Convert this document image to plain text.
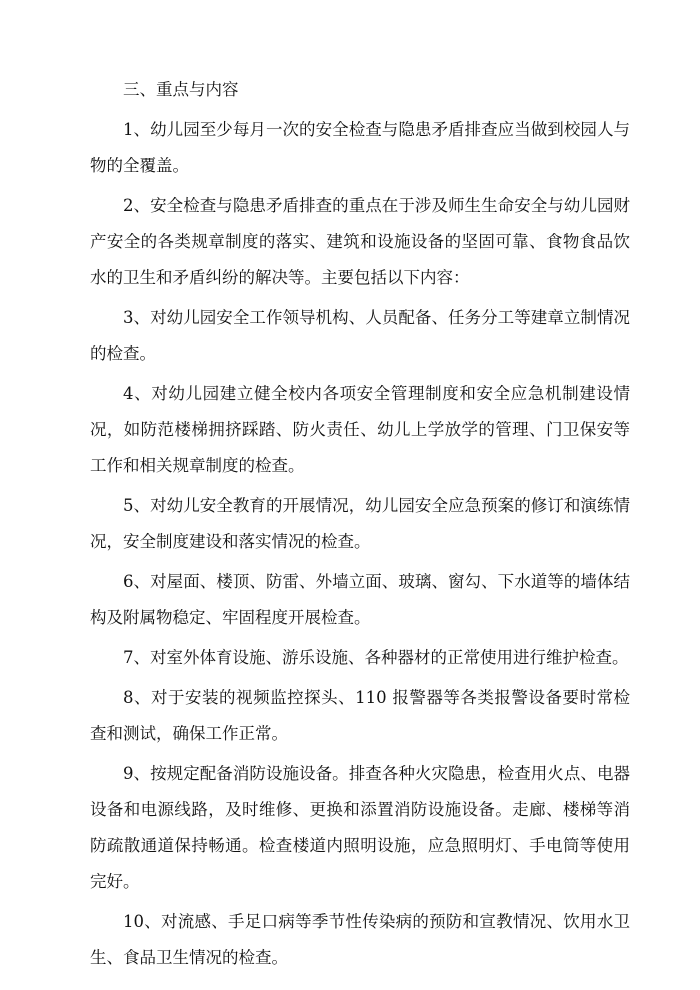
三、重点与内容

1、幼儿园至少每月一次的安全检查与隐患矛盾排查应当做到校园人与物的全覆盖。

2、安全检查与隐患矛盾排查的重点在于涉及师生生命安全与幼儿园财产安全的各类规章制度的落实、建筑和设施设备的坚固可靠、食物食品饮水的卫生和矛盾纠纷的解决等。主要包括以下内容：

3、对幼儿园安全工作领导机构、人员配备、任务分工等建章立制情况的检查。

4、对幼儿园建立健全校内各项安全管理制度和安全应急机制建设情况，如防范楼梯拥挤踩踏、防火责任、幼儿上学放学的管理、门卫保安等工作和相关规章制度的检查。

5、对幼儿安全教育的开展情况，幼儿园安全应急预案的修订和演练情况，安全制度建设和落实情况的检查。

6、对屋面、楼顶、防雷、外墙立面、玻璃、窗勾、下水道等的墙体结构及附属物稳定、牢固程度开展检查。

7、对室外体育设施、游乐设施、各种器材的正常使用进行维护检查。

8、对于安装的视频监控探头、110 报警器等各类报警设备要时常检查和测试，确保工作正常。

9、按规定配备消防设施设备。排查各种火灾隐患，检查用火点、电器设备和电源线路，及时维修、更换和添置消防设施设备。走廊、楼梯等消防疏散通道保持畅通。检查楼道内照明设施，应急照明灯、手电筒等使用完好。

10、对流感、手足口病等季节性传染病的预防和宣教情况、饮用水卫生、食品卫生情况的检查。
